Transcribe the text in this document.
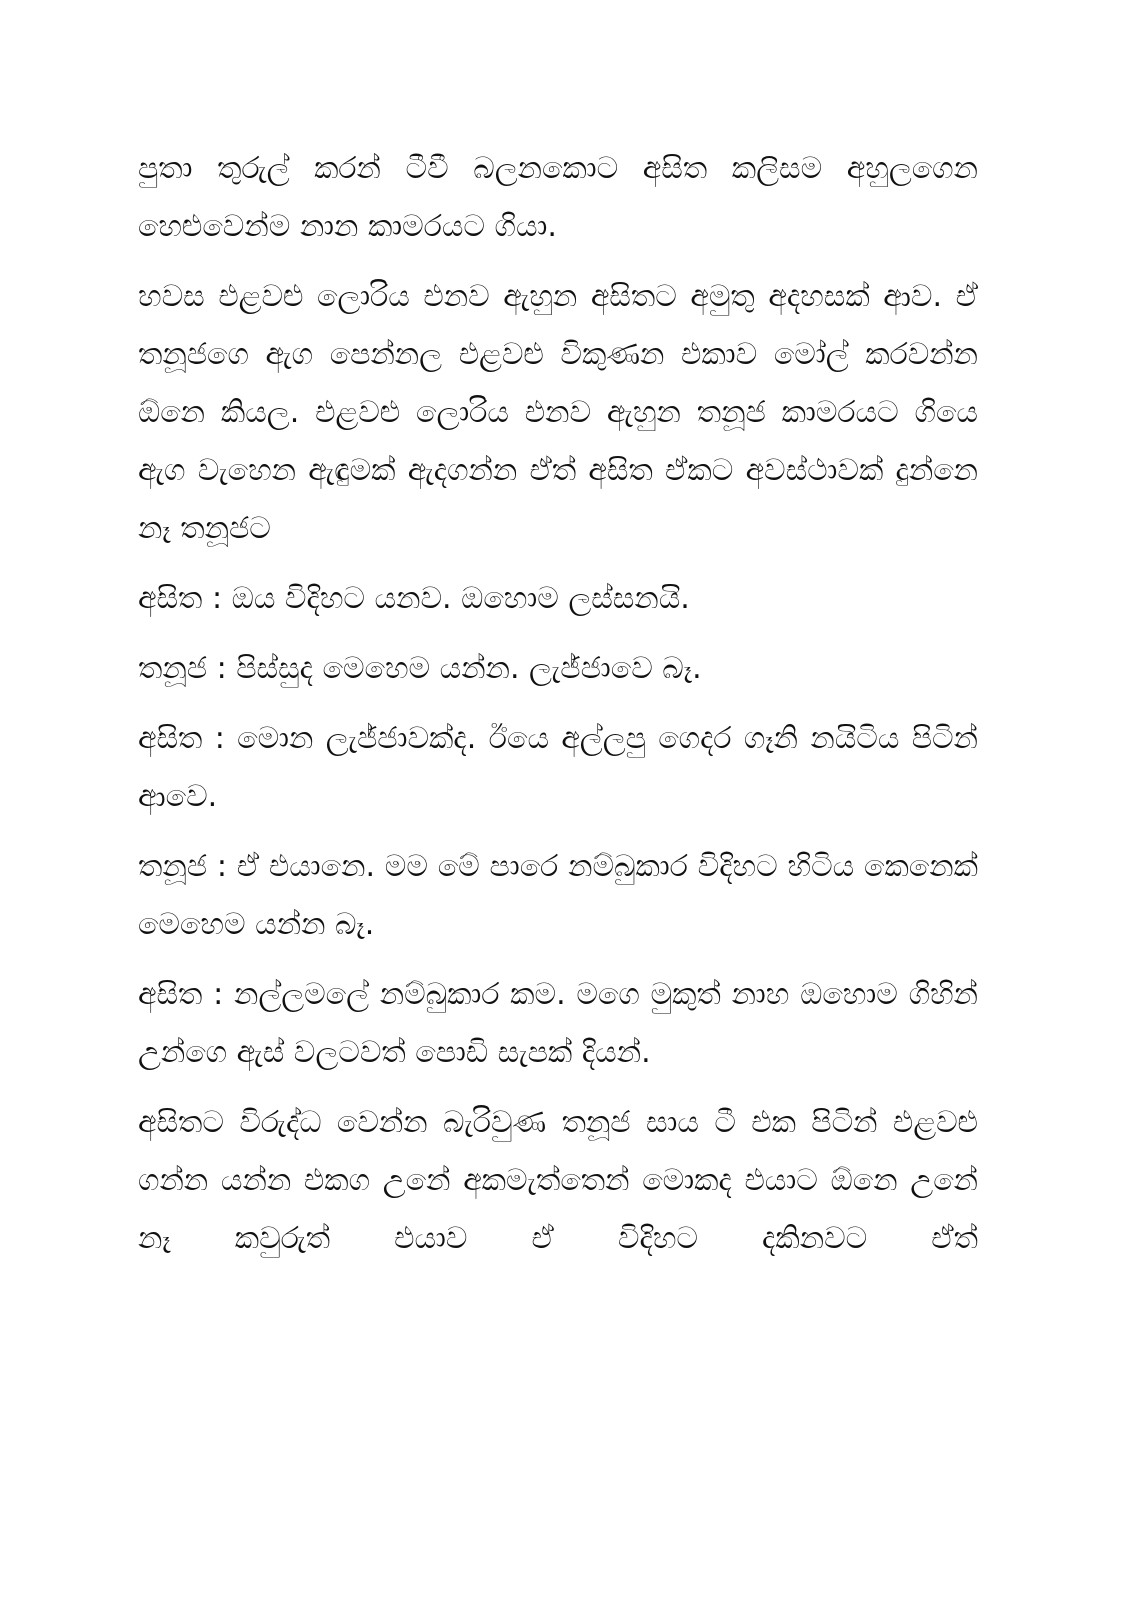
පුතා තුරුල් කරන් ටීවී බලනකොට අසිත කලිසම අහුලගෙන හෙළුවෙන්ම නාන කාමරයට ගියා.

හවස එළවළු ලොරිය එනව ඇහුන අසිතට අමුතු අදහසක් ආව. ඒ තනූජගෙ ඇග පෙන්නල එළවළු විකුණන එකාව මෝල් කරවන්න ඕනෙ කියල. එළවළු ලොරිය එනව ඇහුන තනූජ කාමරයට ගියෙ ඇග වැහෙන ඇඳුමක් ඇදගන්න ඒත් අසිත ඒකට අවස්ථාවක් දුන්නෙ නෑ තනූජට

අසිත : ඔය විදිහට යනව. ඔහොම ලස්සනයි.

තනූජ : පිස්සුද මෙහෙම යන්න. ලැජ්ජාවෙ බෑ.

අසිත : මොන ලැජ්ජාවක්ද. ඊයෙ අල්ලපු ගෙදර ගෑනි නයිටිය පිටින් ආවෙ.

තනූජ : ඒ එයානෙ. මම මේ පාරෙ නම්බුකාර විදිහට හිටිය කෙනෙක් මෙහෙම යන්න බෑ.

අසිත : නල්ලමලේ නම්බුකාර කම. මගෙ මුකුත් නාහ ඔහොම ගිහින් උන්ගෙ ඇස් වලටවත් පොඩි සැපක් දියන්.

අසිතට විරුද්ධ වෙන්න බැරිවුණ තනූජ සාය ටී එක පිටින් එළවළු ගන්න යන්න එකග උනේ අකමැත්තෙන් මොකද එයාට ඕනෙ උනේ නෑ කවුරුත් එයාව ඒ විදිහට දකිනවට ඒත්
